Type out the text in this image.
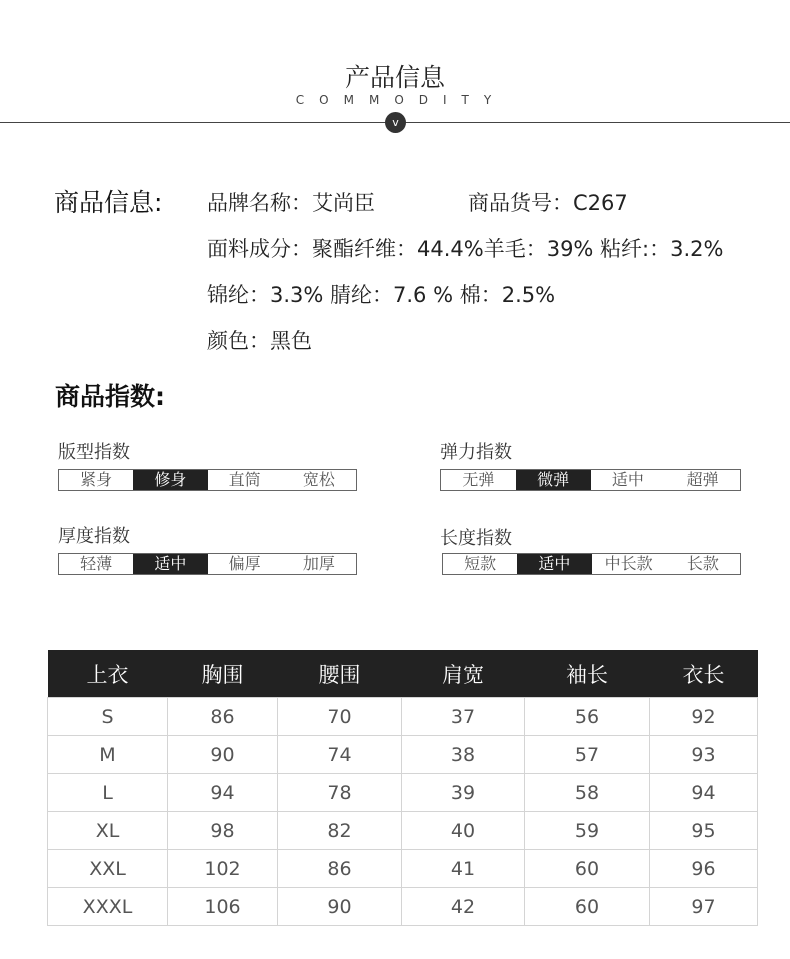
产品信息
COMMODITY
v
商品信息: 品牌名称：艾尚臣	商品货号：C267
面料成分：聚酯纤维：44.4%羊毛：39% 粘纤:：3.2%
锦纶：3.3% 腈纶：7.6 % 棉：2.5%
颜色：黑色
商品指数:
版型指数
紧身	修身	直筒	宽松
弹力指数
无弹	微弹	适中	超弹
厚度指数
轻薄	适中	偏厚	加厚
长度指数
短款	适中	中长款	长款
上衣	胸围	腰围	肩宽	袖长	衣长
S	86	70	37	56	92
M	90	74	38	57	93
L	94	78	39	58	94
XL	98	82	40	59	95
XXL	102	86	41	60	96
XXXL	106	90	42	60	97
